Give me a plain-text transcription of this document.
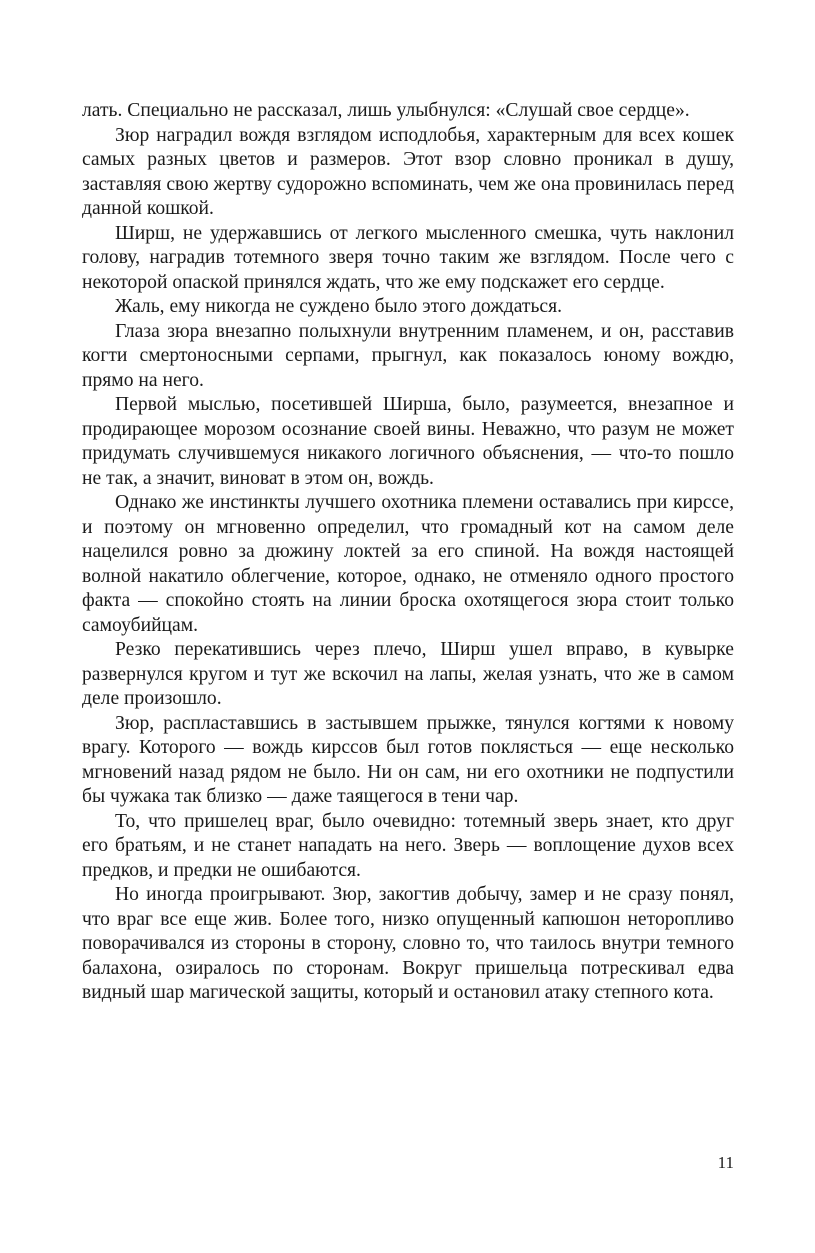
лать. Специально не рассказал, лишь улыбнулся: «Слушай свое сердце».

Зюр наградил вождя взглядом исподлобья, характерным для всех кошек самых разных цветов и размеров. Этот взор словно проникал в душу, заставляя свою жертву судорожно вспоминать, чем же она провинилась перед данной кошкой.

Ширш, не удержавшись от легкого мысленного смешка, чуть наклонил голову, наградив тотемного зверя точно таким же взглядом. После чего с некоторой опаской принялся ждать, что же ему подскажет его сердце.

Жаль, ему никогда не суждено было этого дождаться.

Глаза зюра внезапно полыхнули внутренним пламенем, и он, расставив когти смертоносными серпами, прыгнул, как показалось юному вождю, прямо на него.

Первой мыслью, посетившей Ширша, было, разумеется, внезапное и продирающее морозом осознание своей вины. Неважно, что разум не может придумать случившемуся никакого логичного объяснения, — что-то пошло не так, а значит, виноват в этом он, вождь.

Однако же инстинкты лучшего охотника племени оставались при кирссе, и поэтому он мгновенно определил, что громадный кот на самом деле нацелился ровно за дюжину локтей за его спиной. На вождя настоящей волной накатило облегчение, которое, однако, не отменяло одного простого факта — спокойно стоять на линии броска охотящегося зюра стоит только самоубийцам.

Резко перекатившись через плечо, Ширш ушел вправо, в кувырке развернулся кругом и тут же вскочил на лапы, желая узнать, что же в самом деле произошло.

Зюр, распластавшись в застывшем прыжке, тянулся когтями к новому врагу. Которого — вождь кирссов был готов поклясться — еще несколько мгновений назад рядом не было. Ни он сам, ни его охотники не подпустили бы чужака так близко — даже таящегося в тени чар.

То, что пришелец враг, было очевидно: тотемный зверь знает, кто друг его братьям, и не станет нападать на него. Зверь — воплощение духов всех предков, и предки не ошибаются.

Но иногда проигрывают. Зюр, закогтив добычу, замер и не сразу понял, что враг все еще жив. Более того, низко опущенный капюшон неторопливо поворачивался из стороны в сторону, словно то, что таилось внутри темного балахона, озиралось по сторонам. Вокруг пришельца потрескивал едва видный шар магической защиты, который и остановил атаку степного кота.

11
